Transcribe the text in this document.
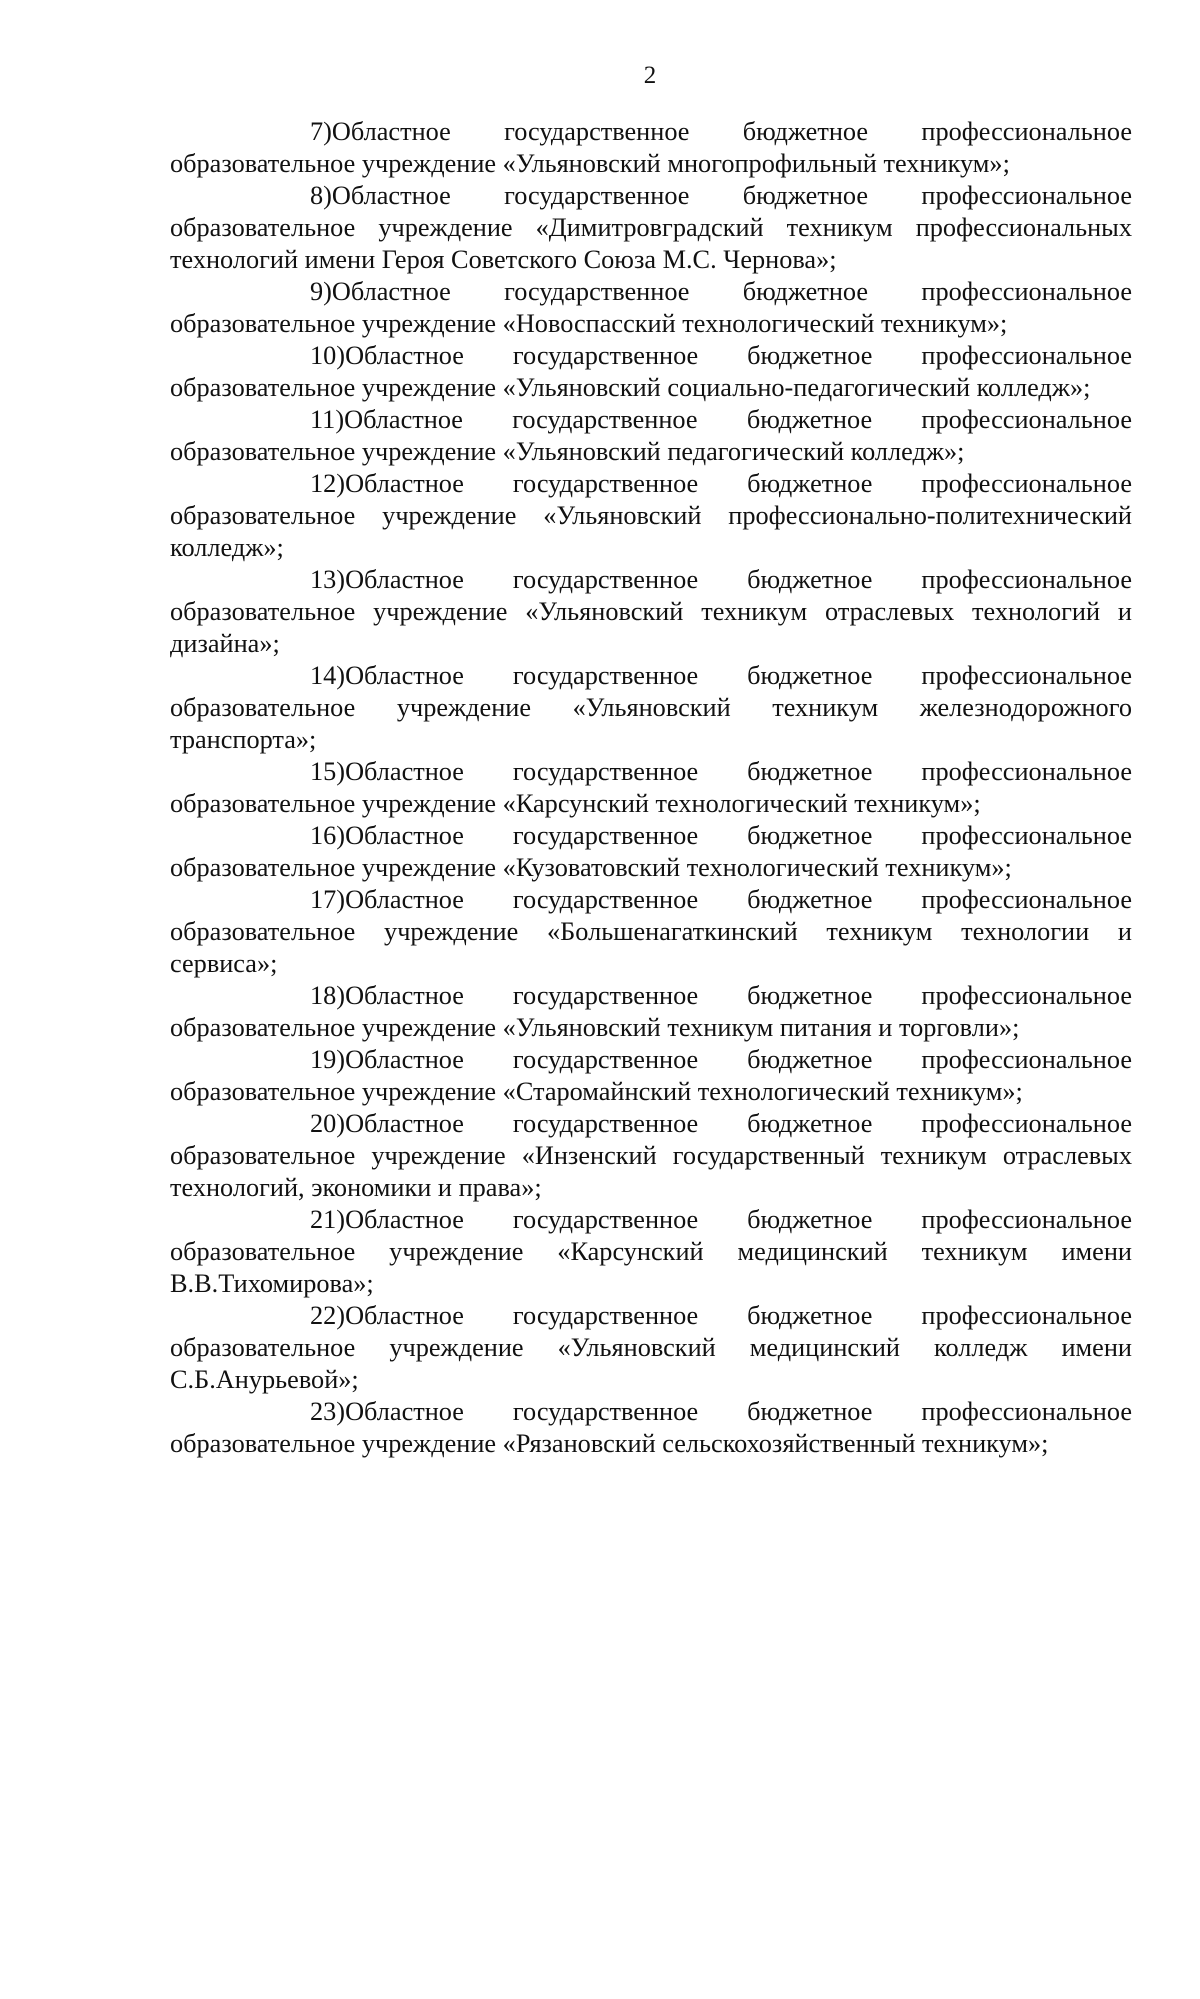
2

7)Областное государственное бюджетное профессиональное образовательное учреждение «Ульяновский многопрофильный техникум»;

8)Областное государственное бюджетное профессиональное образовательное учреждение «Димитровградский техникум профессиональных технологий имени Героя Советского Союза М.С. Чернова»;

9)Областное государственное бюджетное профессиональное образовательное учреждение «Новоспасский технологический техникум»;

10)Областное государственное бюджетное профессиональное образовательное учреждение «Ульяновский социально-педагогический колледж»;

11)Областное государственное бюджетное профессиональное образовательное учреждение «Ульяновский педагогический колледж»;

12)Областное государственное бюджетное профессиональное образовательное учреждение «Ульяновский профессионально-политехнический колледж»;

13)Областное государственное бюджетное профессиональное образовательное учреждение «Ульяновский техникум отраслевых технологий и дизайна»;

14)Областное государственное бюджетное профессиональное образовательное учреждение «Ульяновский техникум железнодорожного транспорта»;

15)Областное государственное бюджетное профессиональное образовательное учреждение «Карсунский технологический техникум»;

16)Областное государственное бюджетное профессиональное образовательное учреждение «Кузоватовский технологический техникум»;

17)Областное государственное бюджетное профессиональное образовательное учреждение «Большенагаткинский техникум технологии и сервиса»;

18)Областное государственное бюджетное профессиональное образовательное учреждение «Ульяновский техникум питания и торговли»;

19)Областное государственное бюджетное профессиональное образовательное учреждение «Старомайнский технологический техникум»;

20)Областное государственное бюджетное профессиональное образовательное учреждение «Инзенский государственный техникум отраслевых технологий, экономики и права»;

21)Областное государственное бюджетное профессиональное образовательное учреждение «Карсунский медицинский техникум имени В.В.Тихомирова»;

22)Областное государственное бюджетное профессиональное образовательное учреждение «Ульяновский медицинский колледж имени С.Б.Анурьевой»;

23)Областное государственное бюджетное профессиональное образовательное учреждение «Рязановский сельскохозяйственный техникум»;
